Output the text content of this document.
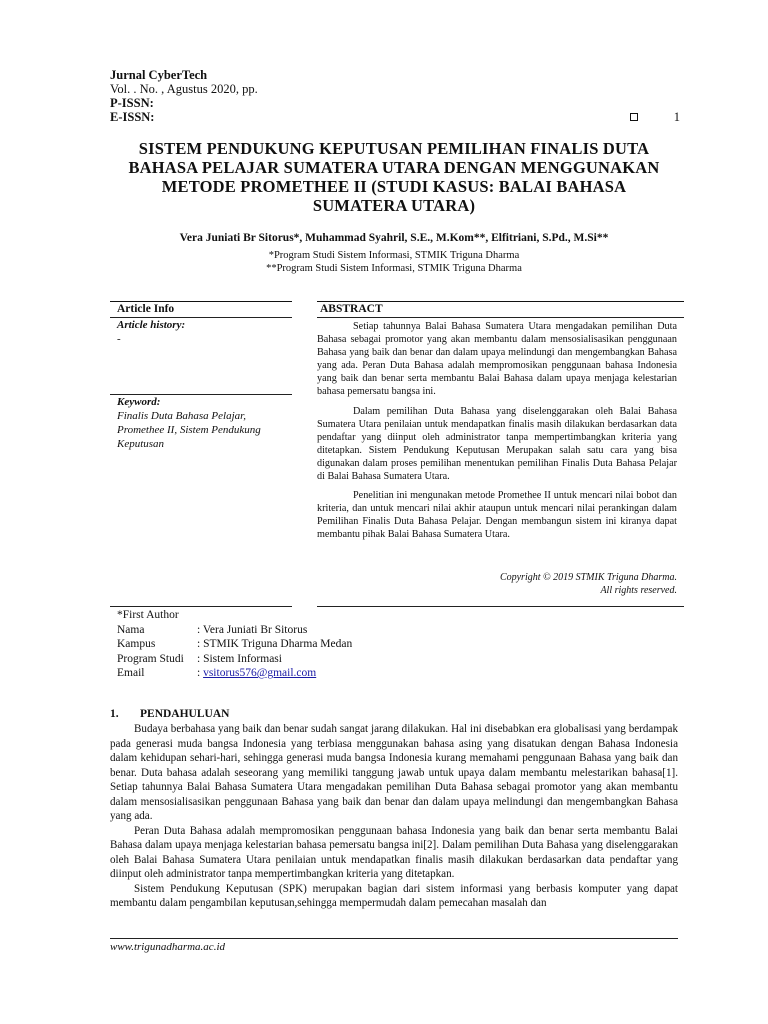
Jurnal CyberTech
Vol. . No. , Agustus 2020, pp.
P-ISSN:
E-ISSN:	1
SISTEM PENDUKUNG KEPUTUSAN PEMILIHAN FINALIS DUTA
BAHASA PELAJAR SUMATERA UTARA DENGAN MENGGUNAKAN
METODE PROMETHEE II (STUDI KASUS: BALAI BAHASA
SUMATERA UTARA)
Vera Juniati Br Sitorus*, Muhammad Syahril, S.E., M.Kom**, Elfitriani, S.Pd., M.Si**
*Program Studi Sistem Informasi, STMIK Triguna Dharma
**Program Studi Sistem Informasi, STMIK Triguna Dharma
Article Info	ABSTRACT
Article history:
-
Keyword:
Finalis Duta Bahasa Pelajar,
Promethee II, Sistem Pendukung
Keputusan

Setiap tahunnya Balai Bahasa Sumatera Utara mengadakan pemilihan Duta Bahasa sebagai promotor yang akan membantu dalam mensosialisasikan penggunaan Bahasa yang baik dan benar dan dalam upaya melindungi dan mengembangkan Bahasa yang ada. Peran Duta Bahasa adalah mempromosikan penggunaan bahasa Indonesia yang baik dan benar serta membantu Balai Bahasa dalam upaya menjaga kelestarian bahasa pemersatu bangsa ini.

Dalam pemilihan Duta Bahasa yang diselenggarakan oleh Balai Bahasa Sumatera Utara penilaian untuk mendapatkan finalis masih dilakukan berdasarkan data pendaftar yang diinput oleh administrator tanpa mempertimbangkan kriteria yang ditetapkan. Sistem Pendukung Keputusan Merupakan salah satu cara yang bisa digunakan dalam proses pemilihan menentukan pemilihan Finalis Duta Bahasa Pelajar di Balai Bahasa Sumatera Utara.

Penelitian ini mengunakan metode Promethee II untuk mencari nilai bobot dan kriteria, dan untuk mencari nilai akhir ataupun untuk mencari nilai perankingan dalam Pemilihan Finalis Duta Bahasa Pelajar. Dengan membangun sistem ini kiranya dapat membantu pihak Balai Bahasa Sumatera Utara.

Copyright © 2019 STMIK Triguna Dharma.
All rights reserved.
*First Author
Nama	: Vera Juniati Br Sitorus
Kampus	: STMIK Triguna Dharma Medan
Program Studi	: Sistem Informasi
Email	: vsitorus576@gmail.com
1. PENDAHULUAN

Budaya berbahasa yang baik dan benar sudah sangat jarang dilakukan. Hal ini disebabkan era globalisasi yang berdampak pada generasi muda bangsa Indonesia yang terbiasa menggunakan bahasa asing yang disatukan dengan Bahasa Indonesia dalam kehidupan sehari-hari, sehingga generasi muda bangsa Indonesia kurang memahami penggunaan Bahasa yang baik dan benar. Duta bahasa adalah seseorang yang memiliki tanggung jawab untuk upaya dalam membantu melestarikan bahasa[1]. Setiap tahunnya Balai Bahasa Sumatera Utara mengadakan pemilihan Duta Bahasa sebagai promotor yang akan membantu dalam mensosialisasikan penggunaan Bahasa yang baik dan benar dan dalam upaya melindungi dan mengembangkan Bahasa yang ada.

Peran Duta Bahasa adalah mempromosikan penggunaan bahasa Indonesia yang baik dan benar serta membantu Balai Bahasa dalam upaya menjaga kelestarian bahasa pemersatu bangsa ini[2]. Dalam pemilihan Duta Bahasa yang diselenggarakan oleh Balai Bahasa Sumatera Utara penilaian untuk mendapatkan finalis masih dilakukan berdasarkan data pendaftar yang diinput oleh administrator tanpa mempertimbangkan kriteria yang ditetapkan.

Sistem Pendukung Keputusan (SPK) merupakan bagian dari sistem informasi yang berbasis komputer yang dapat membantu dalam pengambilan keputusan,sehingga mempermudah dalam pemecahan masalah dan

www.trigunadharma.ac.id
